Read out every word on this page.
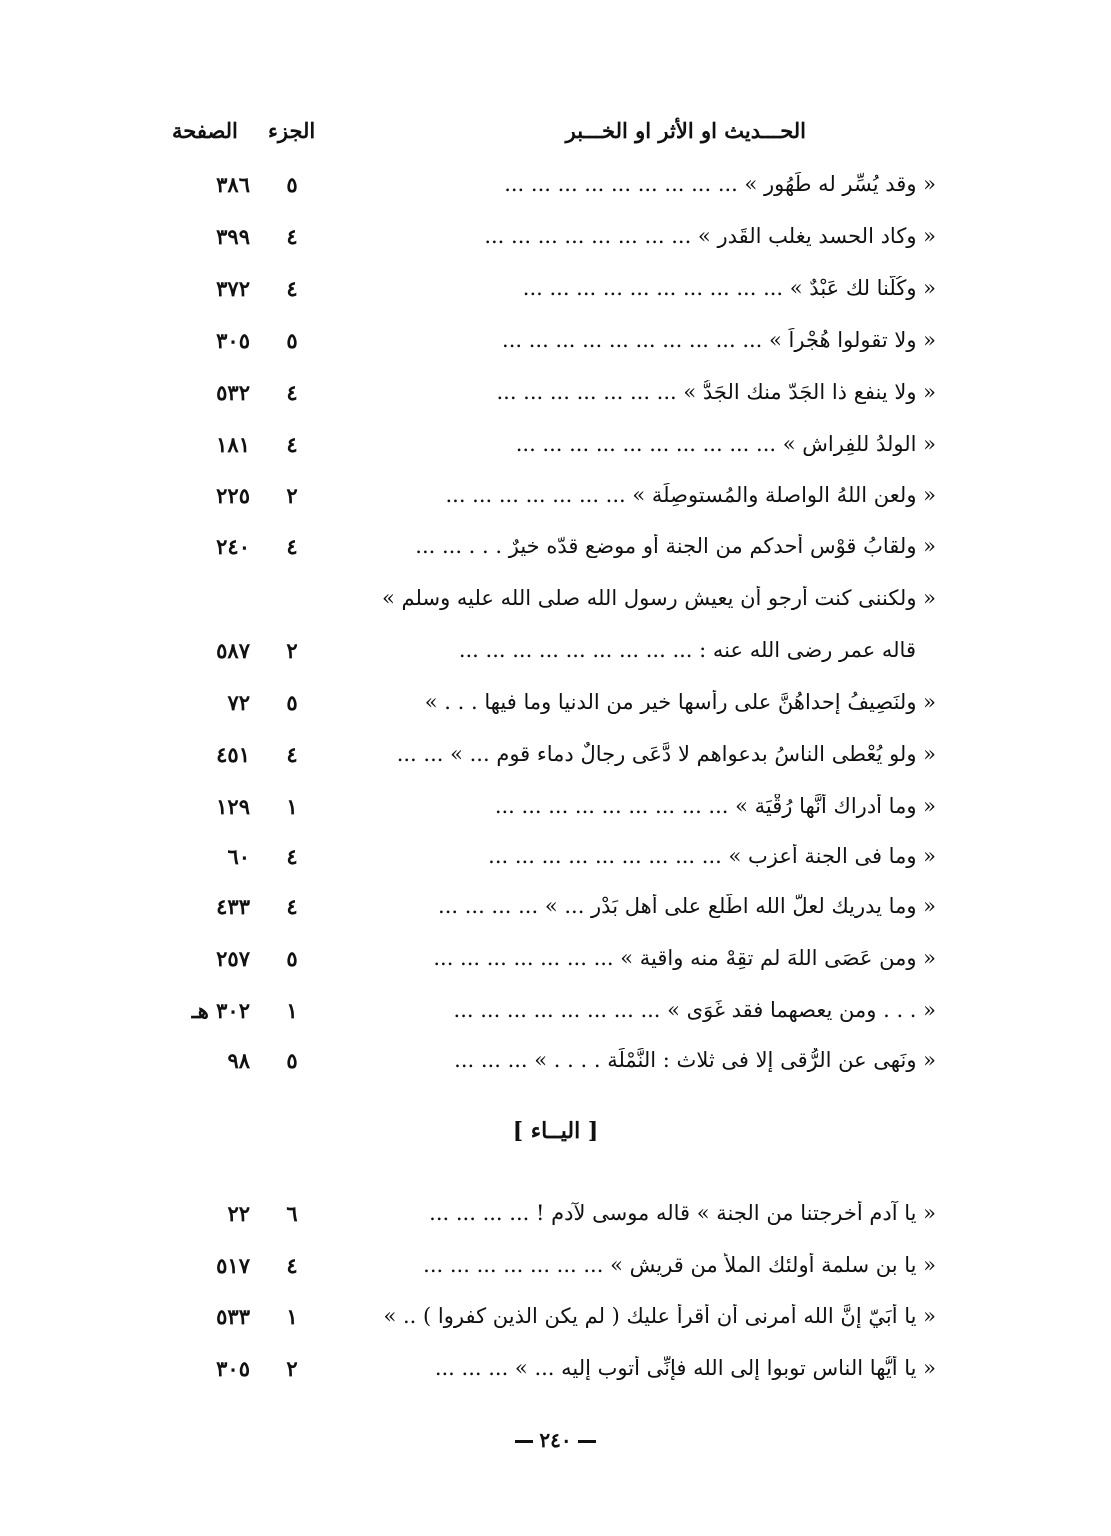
الحـــديث او الأثر او الخـــبر
الجزء
الصفحة
« وقد يُسِّر له طَهُور » ... ... ... ... ... ... ... ... ...
٥
٣٨٦
« وكاد الحسد يغلب القَدر » ... ... ... ... ... ... ... ...
٤
٣٩٩
« وكُلُّنا لك عَبْدٌ » ... ... ... ... ... ... ... ... ... ...
٤
٣٧٢
« ولا تقولوا هُجْراً » ... ... ... ... ... ... ... ... ... ...
٥
٣٠٥
« ولا ينفع ذا الجَدّ منك الجَدُّ » ... ... ... ... ... ... ...
٤
٥٣٢
« الولدُ للفِراش » ... ... ... ... ... ... ... ... ... ...
٤
١٨١
« ولعن اللهُ الواصلة والمُستوصِلَة » ... ... ... ... ... ... ...
٢
٢٢٥
« ولقابُ قوْس أحدكم من الجنة أو موضع قدّه خيرٌ . . . ... ...
٤
٢٤٠
« ولكننى كنت أرجو أن يعيش رسول الله صلى الله عليه وسلم »
قاله عمر رضى الله عنه : ... ... ... ... ... ... ... ... ...
٢
٥٨٧
« ولنَصِيفُ إحداهُنَّ على رأسها خير من الدنيا وما فيها . . . »
٥
٧٢
« ولو يُعْطى الناسُ بدعواهم لا دَّعَى رجالٌ دماء قوم ... » ... ...
٤
٤٥١
« وما أدراك أنَّها رُقْيَة » ... ... ... ... ... ... ... ... ...
١
١٢٩
« وما فى الجنة أعزب » ... ... ... ... ... ... ... ... ...
٤
٦٠
« وما يدريك لعلّ الله اطَّلع على أهل بَدْر ... » ... ... ... ...
٤
٤٣٣
« ومن عَصَى اللهَ لم تقِهْ منه واقية » ... ... ... ... ... ... ...
٥
٢٥٧
« . . . ومن يعصهما فقد غَوَى » ... ... ... ... ... ... ... ...
١
٣٠٢ هـ
« ونَهى عن الرُّقى إلا فى ثلاث : النَّمْلَة . . . . » ... ... ...
٥
٩٨
[ اليــاء ]
« يا آدم أخرجتنا من الجنة » قاله موسى لآدم ! ... ... ... ...
٦
٢٢
« يا بن سلمة أُولئك الملأُ من قريش » ... ... ... ... ... ... ...
٤
٥١٧
« يا أُبَيّ إنَّ الله أمرنى أن أقرأ عليك ( لم يكن الذين كفروا ) .. »
١
٥٣٣
« يا أيُّها الناس توبوا إلى الله فإنِّى أتوب إليه ... » ... ... ...
٢
٣٠٥
٢٤٠
